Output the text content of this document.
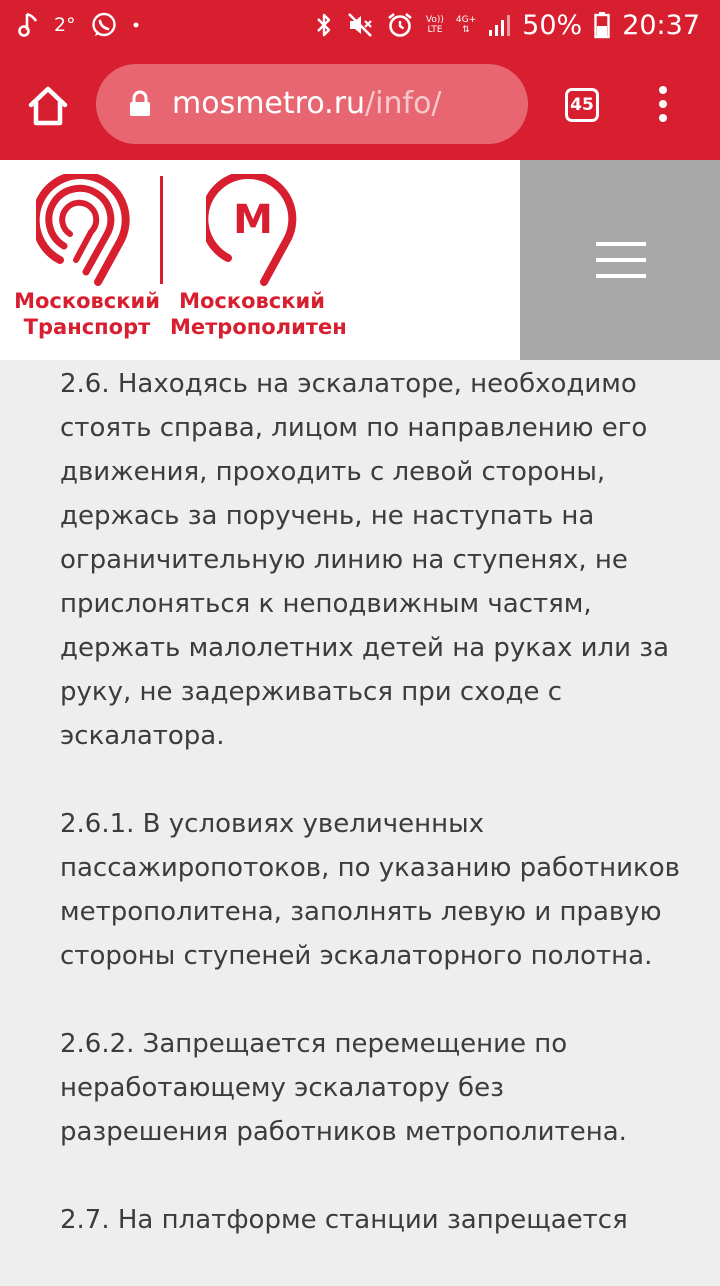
2°	Vo))
LTE
4G+
⇅ 50% 20:37
mosmetro.ru/info/	45
Московский
Транспорт
М
Московский
Метрополитен

2.6. Находясь на эскалаторе, необходимо стоять справа, лицом по направлению его движения, проходить с левой стороны, держась за поручень, не наступать на ограничительную линию на ступенях, не прислоняться к неподвижным частям, держать малолетних детей на руках или за руку, не задерживаться при сходе с эскалатора.

2.6.1. В условиях увеличенных пассажиропотоков, по указанию работников метрополитена, заполнять левую и правую стороны ступеней эскалаторного полотна.

2.6.2. Запрещается перемещение по неработающему эскалатору без разрешения работников метрополитена.

2.7. На платформе станции запрещается
